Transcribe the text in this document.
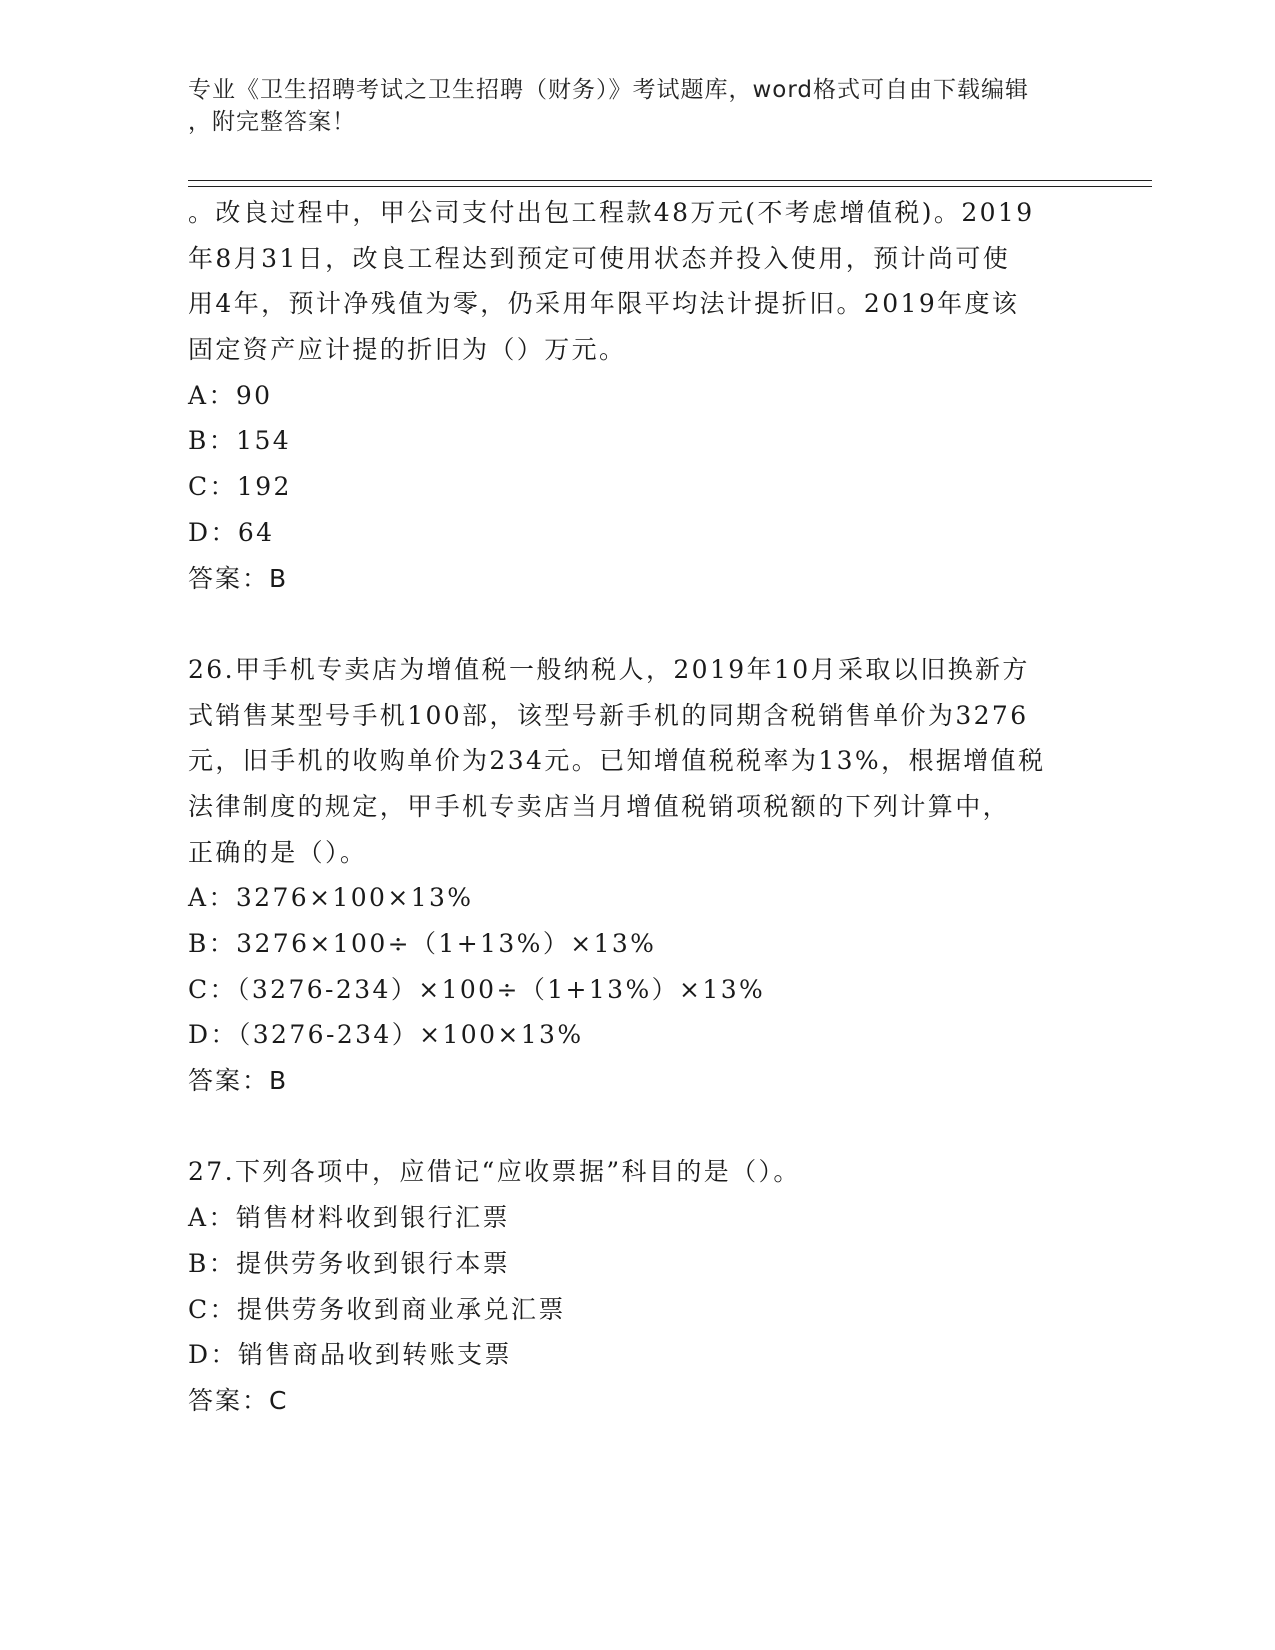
专业《卫生招聘考试之卫生招聘（财务）》考试题库，word格式可自由下载编辑
，附完整答案！
。改良过程中，甲公司支付出包工程款48万元(不考虑增值税)。2019
年8月31日，改良工程达到预定可使用状态并投入使用，预计尚可使
用4年，预计净残值为零，仍采用年限平均法计提折旧。2019年度该
固定资产应计提的折旧为（）万元。
A：90
B：154
C：192
D：64
答案：B
26.甲手机专卖店为增值税一般纳税人，2019年10月采取以旧换新方
式销售某型号手机100部，该型号新手机的同期含税销售单价为3276
元，旧手机的收购单价为234元。已知增值税税率为13%，根据增值税
法律制度的规定，甲手机专卖店当月增值税销项税额的下列计算中，
正确的是（）。
A：3276×100×13%
B：3276×100÷（1+13%）×13%
C：（3276-234）×100÷（1+13%）×13%
D：（3276-234）×100×13%
答案：B
27.下列各项中，应借记“应收票据”科目的是（）。
A：销售材料收到银行汇票
B：提供劳务收到银行本票
C：提供劳务收到商业承兑汇票
D：销售商品收到转账支票
答案：C
